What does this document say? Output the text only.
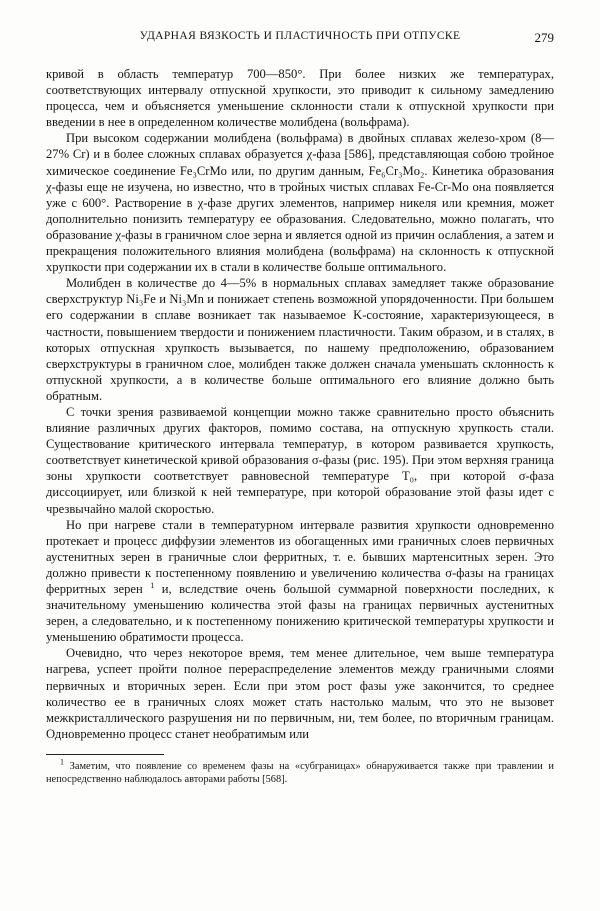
УДАРНАЯ ВЯЗКОСТЬ И ПЛАСТИЧНОСТЬ ПРИ ОТПУСКЕ	279

кривой в область температур 700—850°. При более низких же температурах, соответствующих интервалу отпускной хрупкости, это приводит к сильному замедлению процесса, чем и объясняется уменьшение склонности стали к отпускной хрупкости при введении в нее в определенном количестве молибдена (вольфрама).

При высоком содержании молибдена (вольфрама) в двойных сплавах железо-хром (8—27% Cr) и в более сложных сплавах образуется χ-фаза [586], представляющая собою тройное химическое соединение Fe₃CrMo или, по другим данным, Fe₆Cr₃Mo₂. Кинетика образования χ-фазы еще не изучена, но известно, что в тройных чистых сплавах Fe-Cr-Mo она появляется уже с 600°. Растворение в χ-фазе других элементов, например никеля или кремния, может дополнительно понизить температуру ее образования. Следовательно, можно полагать, что образование χ-фазы в граничном слое зерна и является одной из причин ослабления, а затем и прекращения положительного влияния молибдена (вольфрама) на склонность к отпускной хрупкости при содержании их в стали в количестве больше оптимального.

Молибден в количестве до 4—5% в нормальных сплавах замедляет также образование сверхструктур Ni₃Fe и Ni₃Mn и понижает степень возможной упорядоченности. При большем его содержании в сплаве возникает так называемое K-состояние, характеризующееся, в частности, повышением твердости и понижением пластичности. Таким образом, и в сталях, в которых отпускная хрупкость вызывается, по нашему предположению, образованием сверхструктуры в граничном слое, молибден также должен сначала уменьшать склонность к отпускной хрупкости, а в количестве больше оптимального его влияние должно быть обратным.

С точки зрения развиваемой концепции можно также сравнительно просто объяснить влияние различных других факторов, помимо состава, на отпускную хрупкость стали. Существование критического интервала температур, в котором развивается хрупкость, соответствует кинетической кривой образования σ-фазы (рис. 195). При этом верхняя граница зоны хрупкости соответствует равновесной температуре T₀, при которой σ-фаза диссоциирует, или близкой к ней температуре, при которой образование этой фазы идет с чрезвычайно малой скоростью.

Но при нагреве стали в температурном интервале развития хрупкости одновременно протекает и процесс диффузии элементов из обогащенных ими граничных слоев первичных аустенитных зерен в граничные слои ферритных, т. е. бывших мартенситных зерен. Это должно привести к постепенному появлению и увеличению количества σ-фазы на границах ферритных зерен $^1$ и, вследствие очень большой суммарной поверхности последних, к значительному уменьшению количества этой фазы на границах первичных аустенитных зерен, а следовательно, и к постепенному понижению критической температуры хрупкости и уменьшению обратимости процесса.

Очевидно, что через некоторое время, тем менее длительное, чем выше температура нагрева, успеет пройти полное перераспределение элементов между граничными слоями первичных и вторичных зерен. Если при этом рост фазы уже закончится, то среднее количество ее в граничных слоях может стать настолько малым, что это не вызовет межкристаллического разрушения ни по первичным, ни, тем более, по вторичным границам. Одновременно процесс станет необратимым или

$^1$ Заметим, что появление со временем фазы на «субграницах» обнаруживается также при травлении и непосредственно наблюдалось авторами работы [568].
